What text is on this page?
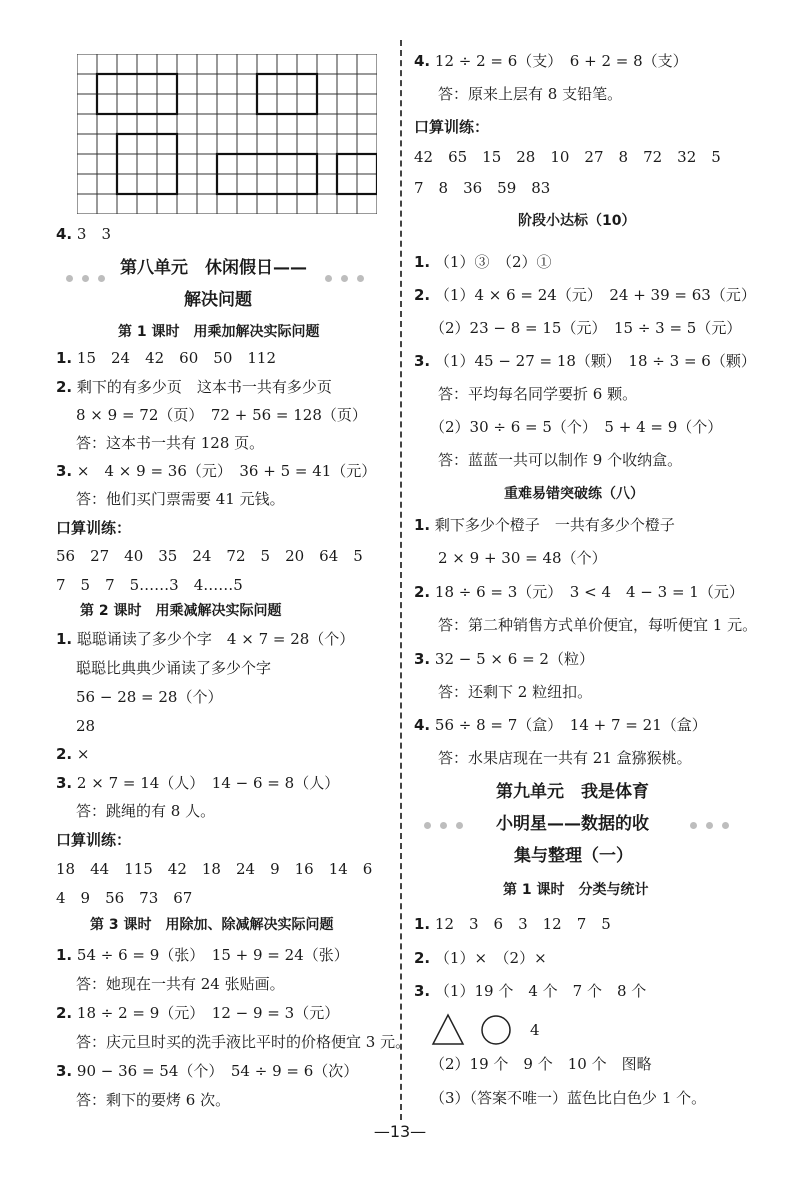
4. 3　3
第八单元　休闲假日——
解决问题
第 1 课时　用乘加解决实际问题
1. 15　24　42　60　50　112
2. 剩下的有多少页　这本书一共有多少页
8 × 9 = 72（页）　72 + 56 = 128（页）
答：这本书一共有 128 页。
3. ×　4 × 9 = 36（元）　36 + 5 = 41（元）
答：他们买门票需要 41 元钱。
口算训练：
56　27　40　35　24　72　5　20　64　5
7　5　7　5……3　4……5
第 2 课时　用乘减解决实际问题
1. 聪聪诵读了多少个字　4 × 7 = 28（个）
聪聪比典典少诵读了多少个字
56 − 28 = 28（个）
28
2. ×
3. 2 × 7 = 14（人）　14 − 6 = 8（人）
答：跳绳的有 8 人。
口算训练：
18　44　115　42　18　24　9　16　14　6
4　9　56　73　67
第 3 课时　用除加、除减解决实际问题
1. 54 ÷ 6 = 9（张）　15 + 9 = 24（张）
答：她现在一共有 24 张贴画。
2. 18 ÷ 2 = 9（元）　12 − 9 = 3（元）
答：庆元旦时买的洗手液比平时的价格便宜 3 元。
3. 90 − 36 = 54（个）　54 ÷ 9 = 6（次）
答：剩下的要烤 6 次。
4. 12 ÷ 2 = 6（支）　6 + 2 = 8（支）
答：原来上层有 8 支铅笔。
口算训练：
42　65　15　28　10　27　8　72　32　5
7　8　36　59　83
阶段小达标（10）
1. （1）③　（2）①
2. （1）4 × 6 = 24（元）　24 + 39 = 63（元）
（2）23 − 8 = 15（元）　15 ÷ 3 = 5（元）
3. （1）45 − 27 = 18（颗）　18 ÷ 3 = 6（颗）
答：平均每名同学要折 6 颗。
（2）30 ÷ 6 = 5（个）　5 + 4 = 9（个）
答：蓝蓝一共可以制作 9 个收纳盒。
重难易错突破练（八）
1. 剩下多少个橙子　一共有多少个橙子
2 × 9 + 30 = 48（个）
2. 18 ÷ 6 = 3（元）　3 < 4　4 − 3 = 1（元）
答：第二种销售方式单价便宜，每听便宜 1 元。
3. 32 − 5 × 6 = 2（粒）
答：还剩下 2 粒纽扣。
4. 56 ÷ 8 = 7（盒）　14 + 7 = 21（盒）
答：水果店现在一共有 21 盒猕猴桃。
第九单元　我是体育
小明星——数据的收
集与整理（一）
第 1 课时　分类与统计
1. 12　3　6　3　12　7　5
2. （1）×　（2）×
3. （1）19 个　4 个　7 个　8 个
4
（2）19 个　9 个　10 个　图略
（3）（答案不唯一）蓝色比白色少 1 个。
—13—
